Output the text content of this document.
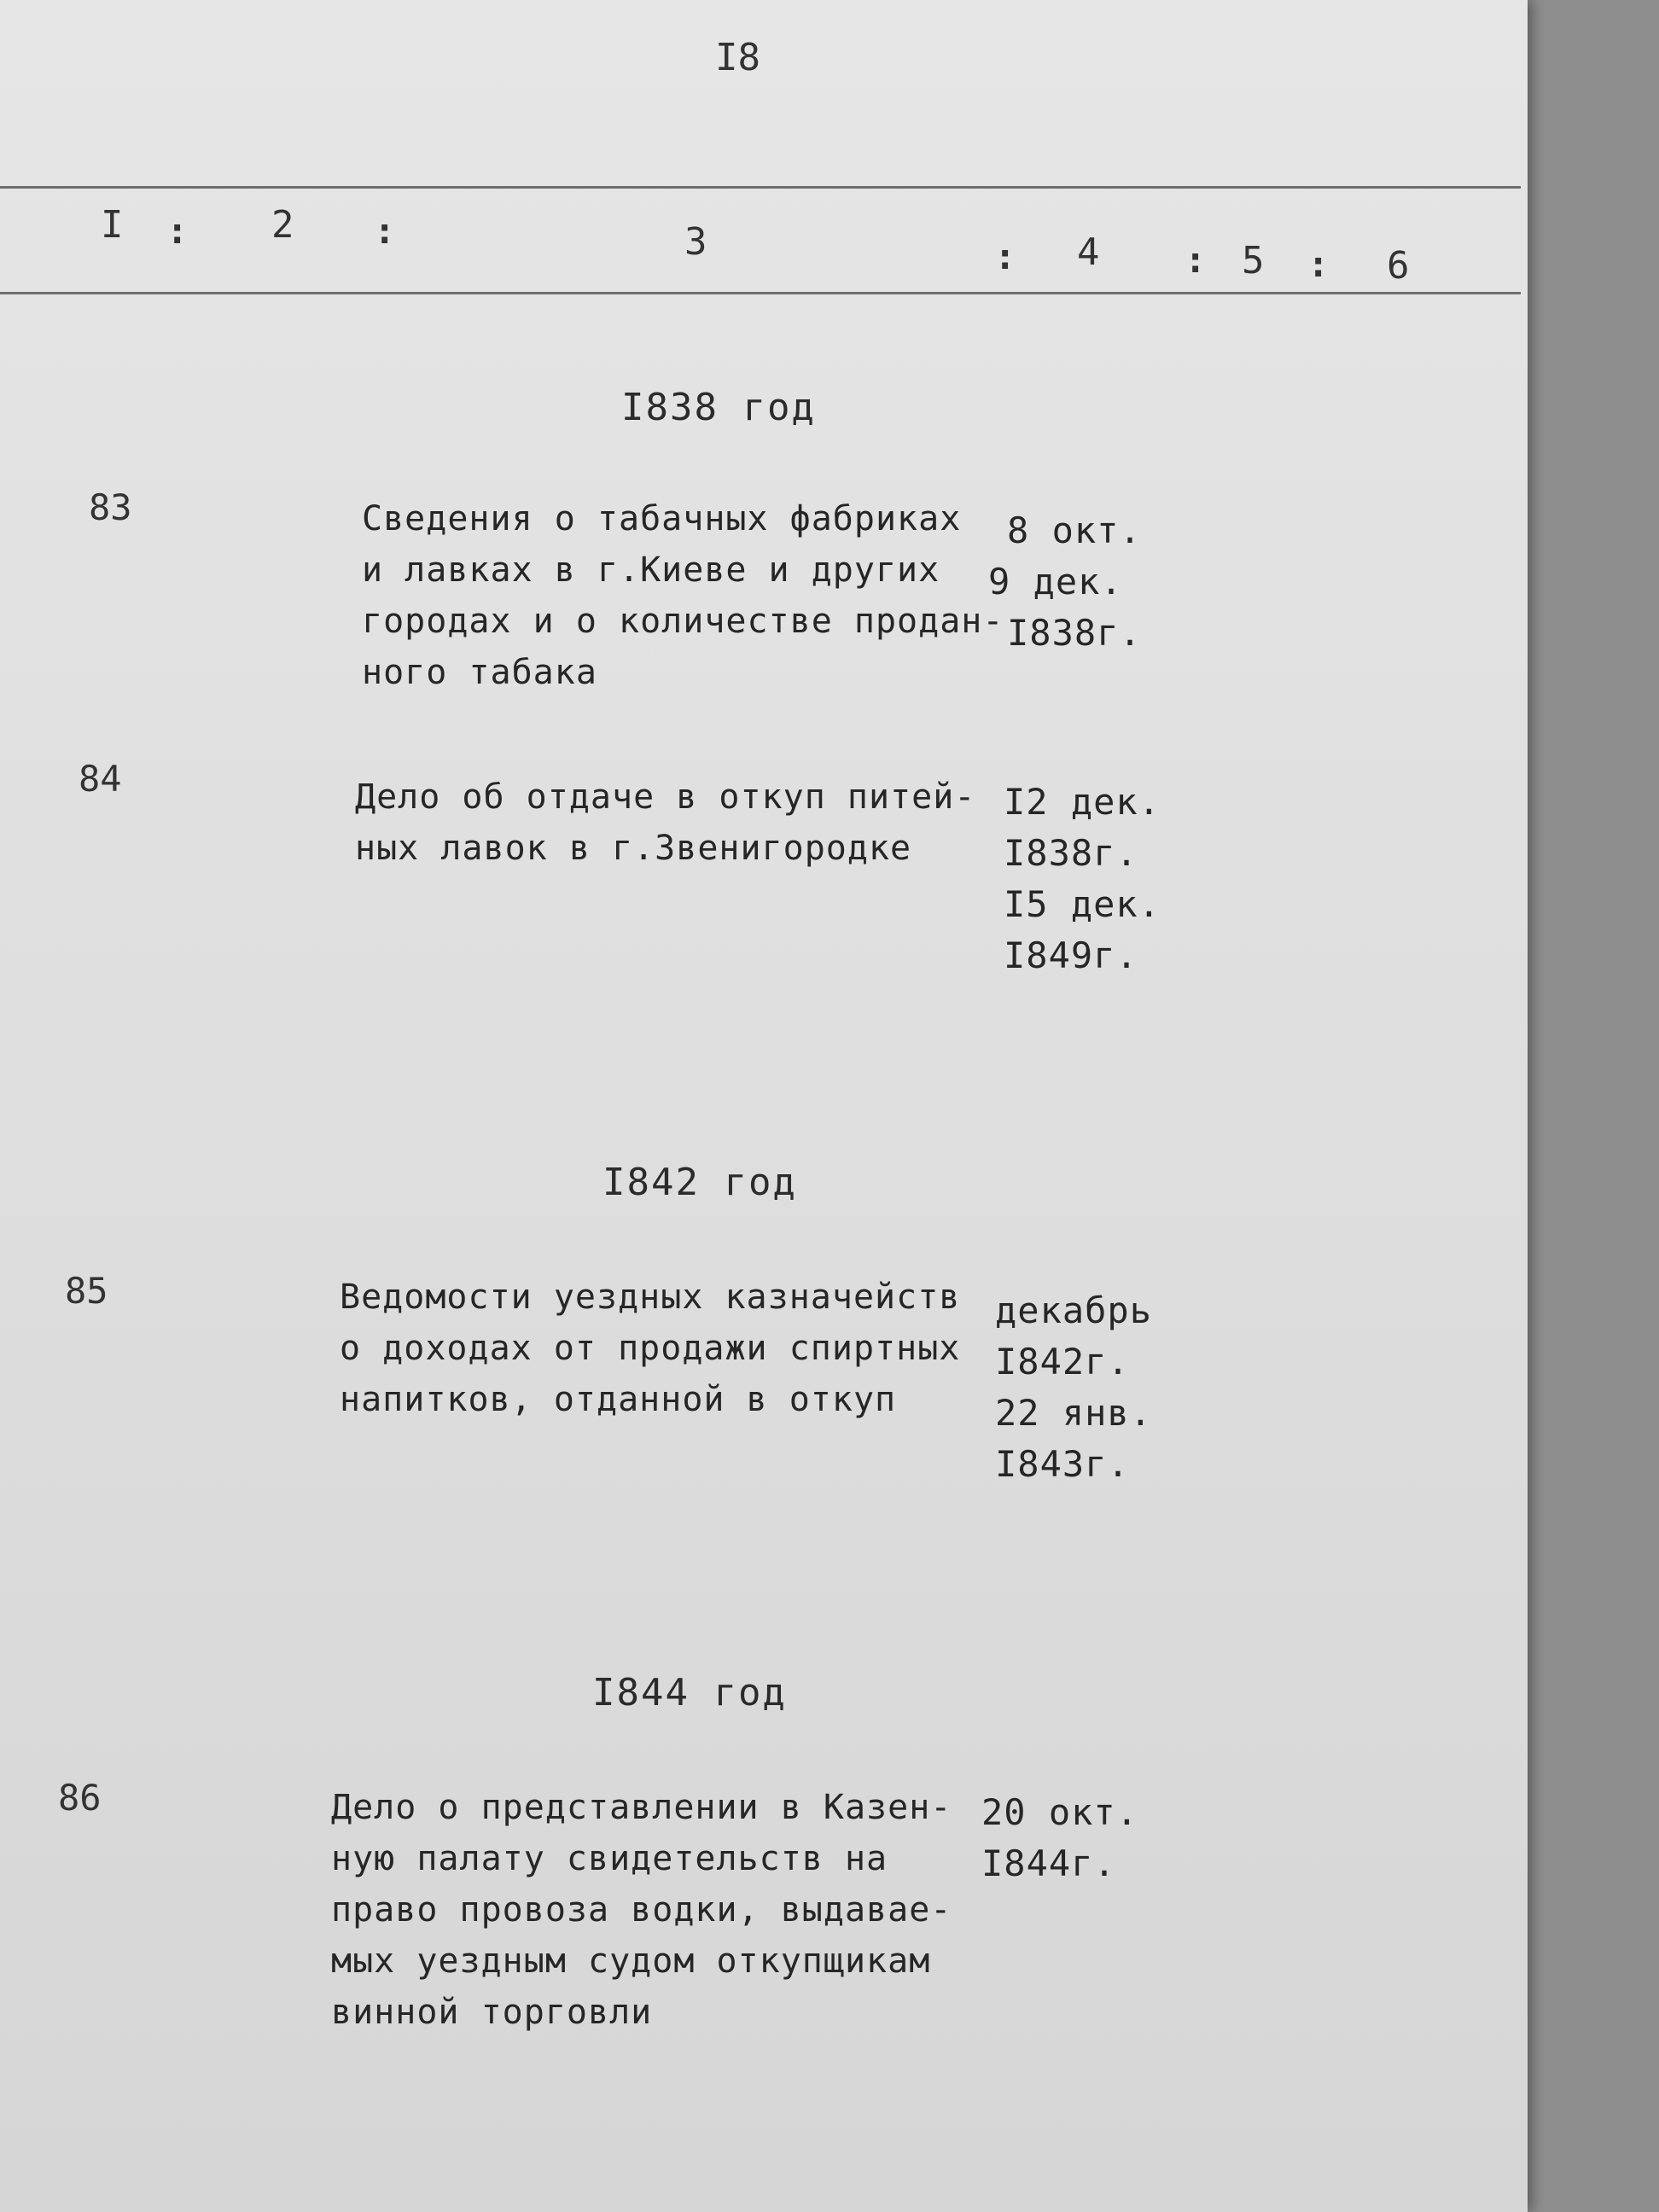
I8
I : 2 :	3	: 4 : 5 : 6
I838 год
83	Сведения о табачных фабриках
и лавках в г.Киеве и других
городах и о количестве продан-
ного табака
8 окт.
9 дек.
I838г.
84	Дело об отдаче в откуп питей-
ных лавок в г.Звенигородке
I2 дек.
I838г.
I5 дек.
I849г.
I842 год
85	Ведомости уездных казначейств
о доходах от продажи спиртных
напитков, отданной в откуп
декабрь
I842г.
22 янв.
I843г.
I844 год
86	Дело о представлении в Казен-
ную палату свидетельств на
право провоза водки, выдавае-
мых уездным судом откупщикам
винной торговли
20 окт.
I844г.
